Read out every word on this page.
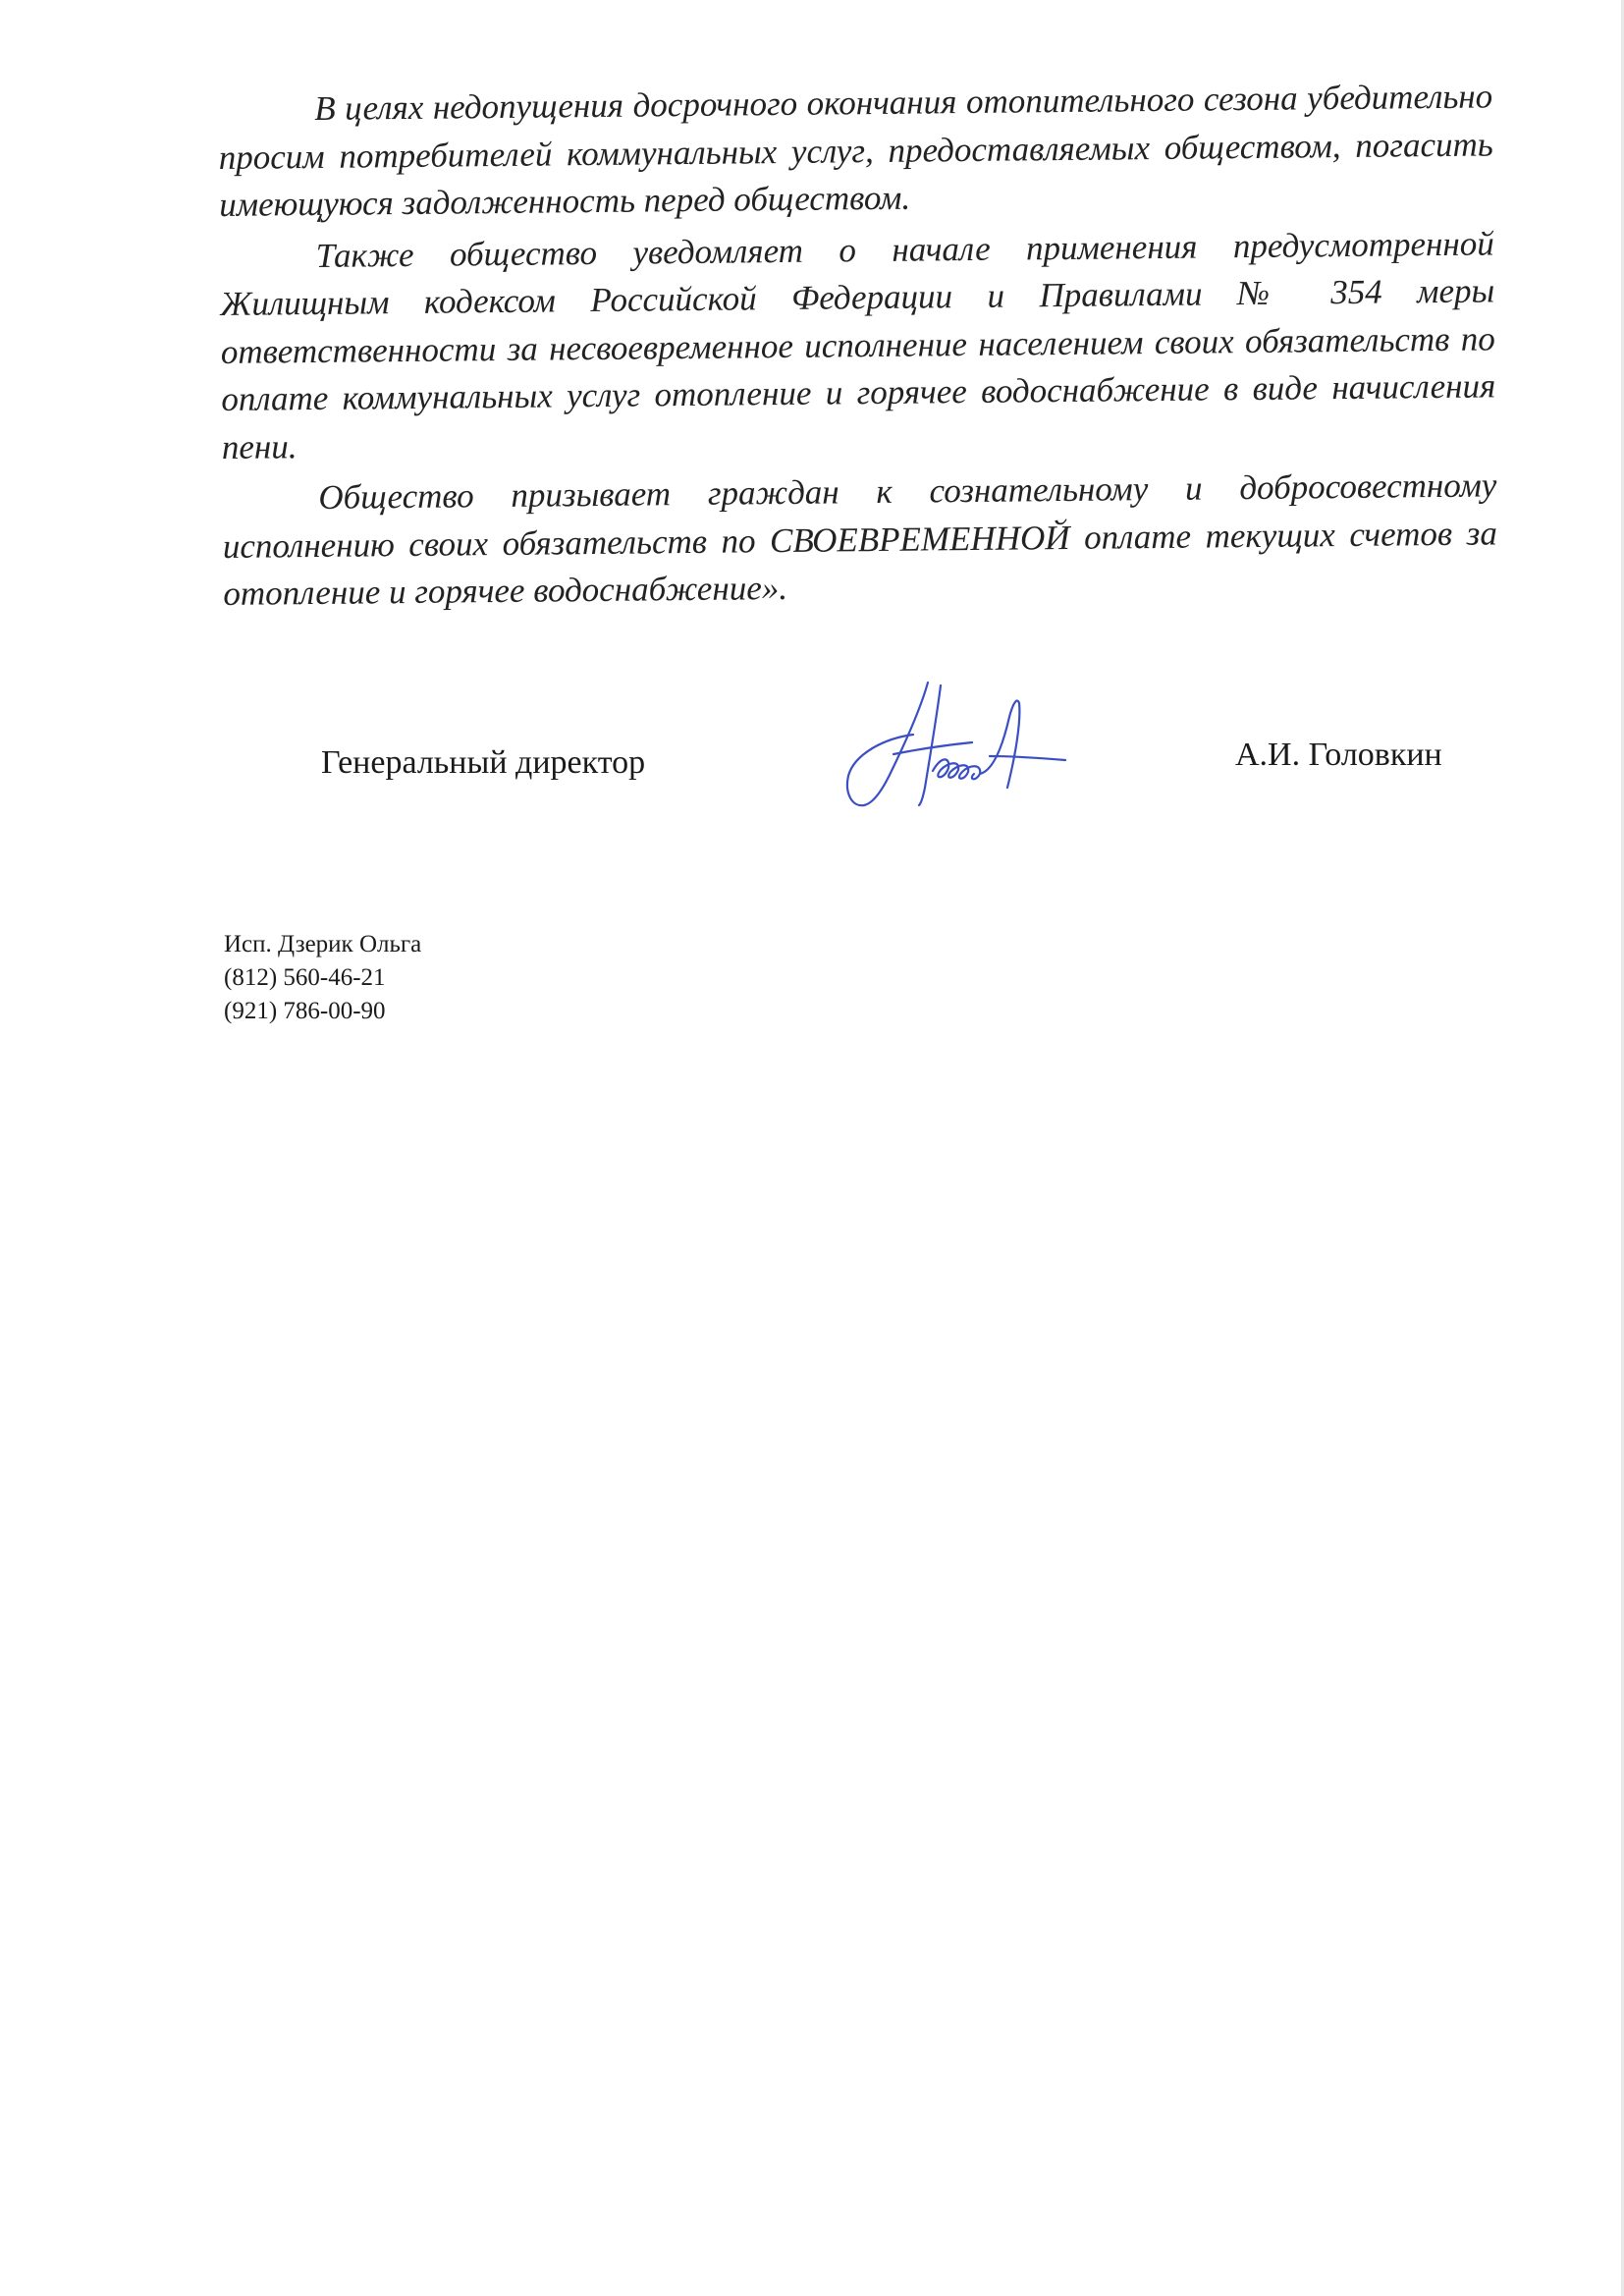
В целях недопущения досрочного окончания отопительного сезона убедительно просим потребителей коммунальных услуг, предоставляемых обществом, погасить имеющуюся задолженность перед обществом.

Также общество уведомляет о начале применения предусмотренной Жилищным кодексом Российской Федерации и Правилами № 354 меры ответственности за несвоевременное исполнение населением своих обязательств по оплате коммунальных услуг отопление и горячее водоснабжение в виде начисления пени.

Общество призывает граждан к сознательному и добросовестному исполнению своих обязательств по СВОЕВРЕМЕННОЙ оплате текущих счетов за отопление и горячее водоснабжение».

Генеральный директор	А.И. Головкин
Исп. Дзерик Ольга
(812) 560-46-21
(921) 786-00-90
